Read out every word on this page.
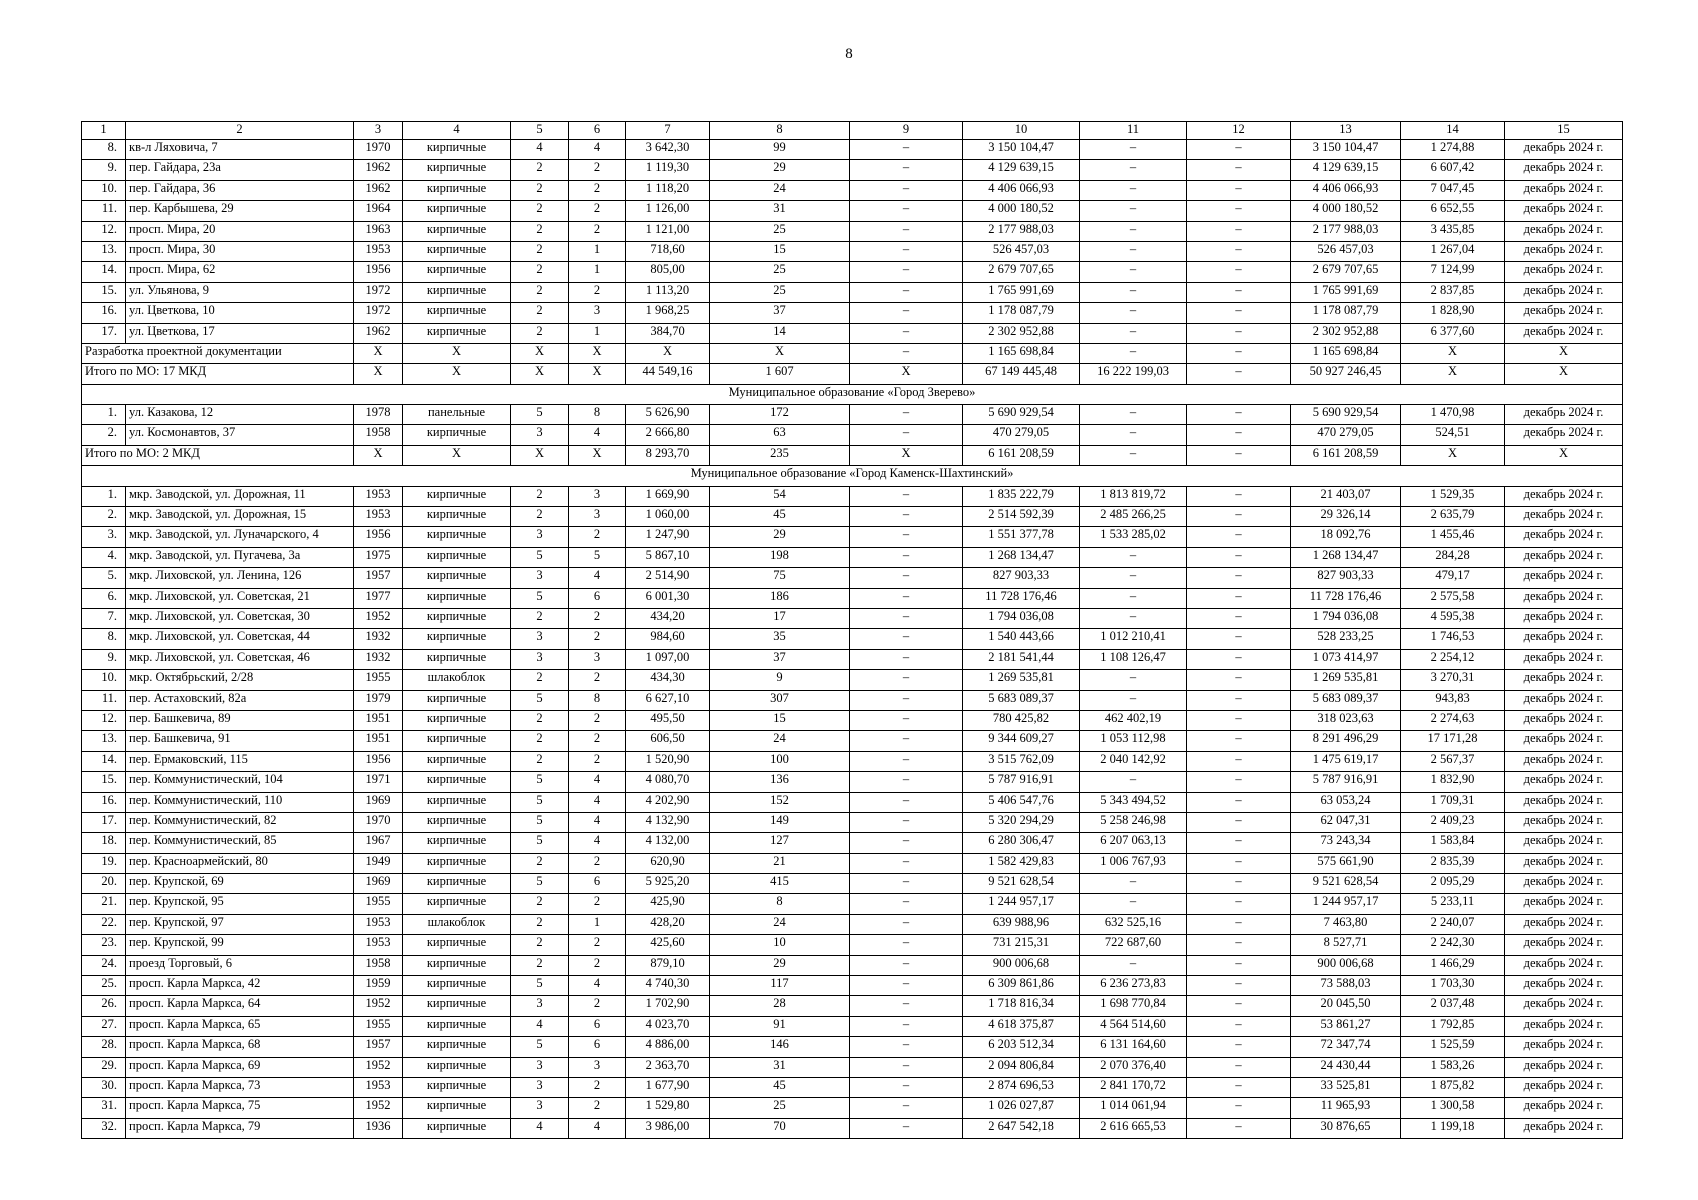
8
1	2	3	4	5	6	7	8	9	10	11	12	13	14	15
8.	кв-л Ляховича, 7	1970	кирпичные	4	4	3 642,30	99	–	3 150 104,47	–	–	3 150 104,47	1 274,88	декабрь 2024 г.
9.	пер. Гайдара, 23а	1962	кирпичные	2	2	1 119,30	29	–	4 129 639,15	–	–	4 129 639,15	6 607,42	декабрь 2024 г.
10.	пер. Гайдара, 36	1962	кирпичные	2	2	1 118,20	24	–	4 406 066,93	–	–	4 406 066,93	7 047,45	декабрь 2024 г.
11.	пер. Карбышева, 29	1964	кирпичные	2	2	1 126,00	31	–	4 000 180,52	–	–	4 000 180,52	6 652,55	декабрь 2024 г.
12.	просп. Мира, 20	1963	кирпичные	2	2	1 121,00	25	–	2 177 988,03	–	–	2 177 988,03	3 435,85	декабрь 2024 г.
13.	просп. Мира, 30	1953	кирпичные	2	1	718,60	15	–	526 457,03	–	–	526 457,03	1 267,04	декабрь 2024 г.
14.	просп. Мира, 62	1956	кирпичные	2	1	805,00	25	–	2 679 707,65	–	–	2 679 707,65	7 124,99	декабрь 2024 г.
15.	ул. Ульянова, 9	1972	кирпичные	2	2	1 113,20	25	–	1 765 991,69	–	–	1 765 991,69	2 837,85	декабрь 2024 г.
16.	ул. Цветкова, 10	1972	кирпичные	2	3	1 968,25	37	–	1 178 087,79	–	–	1 178 087,79	1 828,90	декабрь 2024 г.
17.	ул. Цветкова, 17	1962	кирпичные	2	1	384,70	14	–	2 302 952,88	–	–	2 302 952,88	6 377,60	декабрь 2024 г.
Разработка проектной документации		X	X	X	X	X	X	–	1 165 698,84	–	–	1 165 698,84	X	X
Итого по МО: 17 МКД		X	X	X	X	44 549,16	1 607	X	67 149 445,48	16 222 199,03	–	50 927 246,45	X	X
Муниципальное образование «Город Зверево»														
1.	ул. Казакова, 12	1978	панельные	5	8	5 626,90	172	–	5 690 929,54	–	–	5 690 929,54	1 470,98	декабрь 2024 г.
2.	ул. Космонавтов, 37	1958	кирпичные	3	4	2 666,80	63	–	470 279,05	–	–	470 279,05	524,51	декабрь 2024 г.
Итого по МО: 2 МКД		X	X	X	X	8 293,70	235	X	6 161 208,59	–	–	6 161 208,59	X	X
Муниципальное образование «Город Каменск-Шахтинский»														
1.	мкр. Заводской, ул. Дорожная, 11	1953	кирпичные	2	3	1 669,90	54	–	1 835 222,79	1 813 819,72	–	21 403,07	1 529,35	декабрь 2024 г.
2.	мкр. Заводской, ул. Дорожная, 15	1953	кирпичные	2	3	1 060,00	45	–	2 514 592,39	2 485 266,25	–	29 326,14	2 635,79	декабрь 2024 г.
3.	мкр. Заводской, ул. Луначарского, 4	1956	кирпичные	3	2	1 247,90	29	–	1 551 377,78	1 533 285,02	–	18 092,76	1 455,46	декабрь 2024 г.
4.	мкр. Заводской, ул. Пугачева, 3а	1975	кирпичные	5	5	5 867,10	198	–	1 268 134,47	–	–	1 268 134,47	284,28	декабрь 2024 г.
5.	мкр. Лиховской, ул. Ленина, 126	1957	кирпичные	3	4	2 514,90	75	–	827 903,33	–	–	827 903,33	479,17	декабрь 2024 г.
6.	мкр. Лиховской, ул. Советская, 21	1977	кирпичные	5	6	6 001,30	186	–	11 728 176,46	–	–	11 728 176,46	2 575,58	декабрь 2024 г.
7.	мкр. Лиховской, ул. Советская, 30	1952	кирпичные	2	2	434,20	17	–	1 794 036,08	–	–	1 794 036,08	4 595,38	декабрь 2024 г.
8.	мкр. Лиховской, ул. Советская, 44	1932	кирпичные	3	2	984,60	35	–	1 540 443,66	1 012 210,41	–	528 233,25	1 746,53	декабрь 2024 г.
9.	мкр. Лиховской, ул. Советская, 46	1932	кирпичные	3	3	1 097,00	37	–	2 181 541,44	1 108 126,47	–	1 073 414,97	2 254,12	декабрь 2024 г.
10.	мкр. Октябрьский, 2/28	1955	шлакоблок	2	2	434,30	9	–	1 269 535,81	–	–	1 269 535,81	3 270,31	декабрь 2024 г.
11.	пер. Астаховский, 82а	1979	кирпичные	5	8	6 627,10	307	–	5 683 089,37	–	–	5 683 089,37	943,83	декабрь 2024 г.
12.	пер. Башкевича, 89	1951	кирпичные	2	2	495,50	15	–	780 425,82	462 402,19	–	318 023,63	2 274,63	декабрь 2024 г.
13.	пер. Башкевича, 91	1951	кирпичные	2	2	606,50	24	–	9 344 609,27	1 053 112,98	–	8 291 496,29	17 171,28	декабрь 2024 г.
14.	пер. Ермаковский, 115	1956	кирпичные	2	2	1 520,90	100	–	3 515 762,09	2 040 142,92	–	1 475 619,17	2 567,37	декабрь 2024 г.
15.	пер. Коммунистический, 104	1971	кирпичные	5	4	4 080,70	136	–	5 787 916,91	–	–	5 787 916,91	1 832,90	декабрь 2024 г.
16.	пер. Коммунистический, 110	1969	кирпичные	5	4	4 202,90	152	–	5 406 547,76	5 343 494,52	–	63 053,24	1 709,31	декабрь 2024 г.
17.	пер. Коммунистический, 82	1970	кирпичные	5	4	4 132,90	149	–	5 320 294,29	5 258 246,98	–	62 047,31	2 409,23	декабрь 2024 г.
18.	пер. Коммунистический, 85	1967	кирпичные	5	4	4 132,00	127	–	6 280 306,47	6 207 063,13	–	73 243,34	1 583,84	декабрь 2024 г.
19.	пер. Красноармейский, 80	1949	кирпичные	2	2	620,90	21	–	1 582 429,83	1 006 767,93	–	575 661,90	2 835,39	декабрь 2024 г.
20.	пер. Крупской, 69	1969	кирпичные	5	6	5 925,20	415	–	9 521 628,54	–	–	9 521 628,54	2 095,29	декабрь 2024 г.
21.	пер. Крупской, 95	1955	кирпичные	2	2	425,90	8	–	1 244 957,17	–	–	1 244 957,17	5 233,11	декабрь 2024 г.
22.	пер. Крупской, 97	1953	шлакоблок	2	1	428,20	24	–	639 988,96	632 525,16	–	7 463,80	2 240,07	декабрь 2024 г.
23.	пер. Крупской, 99	1953	кирпичные	2	2	425,60	10	–	731 215,31	722 687,60	–	8 527,71	2 242,30	декабрь 2024 г.
24.	проезд Торговый, 6	1958	кирпичные	2	2	879,10	29	–	900 006,68	–	–	900 006,68	1 466,29	декабрь 2024 г.
25.	просп. Карла Маркса, 42	1959	кирпичные	5	4	4 740,30	117	–	6 309 861,86	6 236 273,83	–	73 588,03	1 703,30	декабрь 2024 г.
26.	просп. Карла Маркса, 64	1952	кирпичные	3	2	1 702,90	28	–	1 718 816,34	1 698 770,84	–	20 045,50	2 037,48	декабрь 2024 г.
27.	просп. Карла Маркса, 65	1955	кирпичные	4	6	4 023,70	91	–	4 618 375,87	4 564 514,60	–	53 861,27	1 792,85	декабрь 2024 г.
28.	просп. Карла Маркса, 68	1957	кирпичные	5	6	4 886,00	146	–	6 203 512,34	6 131 164,60	–	72 347,74	1 525,59	декабрь 2024 г.
29.	просп. Карла Маркса, 69	1952	кирпичные	3	3	2 363,70	31	–	2 094 806,84	2 070 376,40	–	24 430,44	1 583,26	декабрь 2024 г.
30.	просп. Карла Маркса, 73	1953	кирпичные	3	2	1 677,90	45	–	2 874 696,53	2 841 170,72	–	33 525,81	1 875,82	декабрь 2024 г.
31.	просп. Карла Маркса, 75	1952	кирпичные	3	2	1 529,80	25	–	1 026 027,87	1 014 061,94	–	11 965,93	1 300,58	декабрь 2024 г.
32.	просп. Карла Маркса, 79	1936	кирпичные	4	4	3 986,00	70	–	2 647 542,18	2 616 665,53	–	30 876,65	1 199,18	декабрь 2024 г.
